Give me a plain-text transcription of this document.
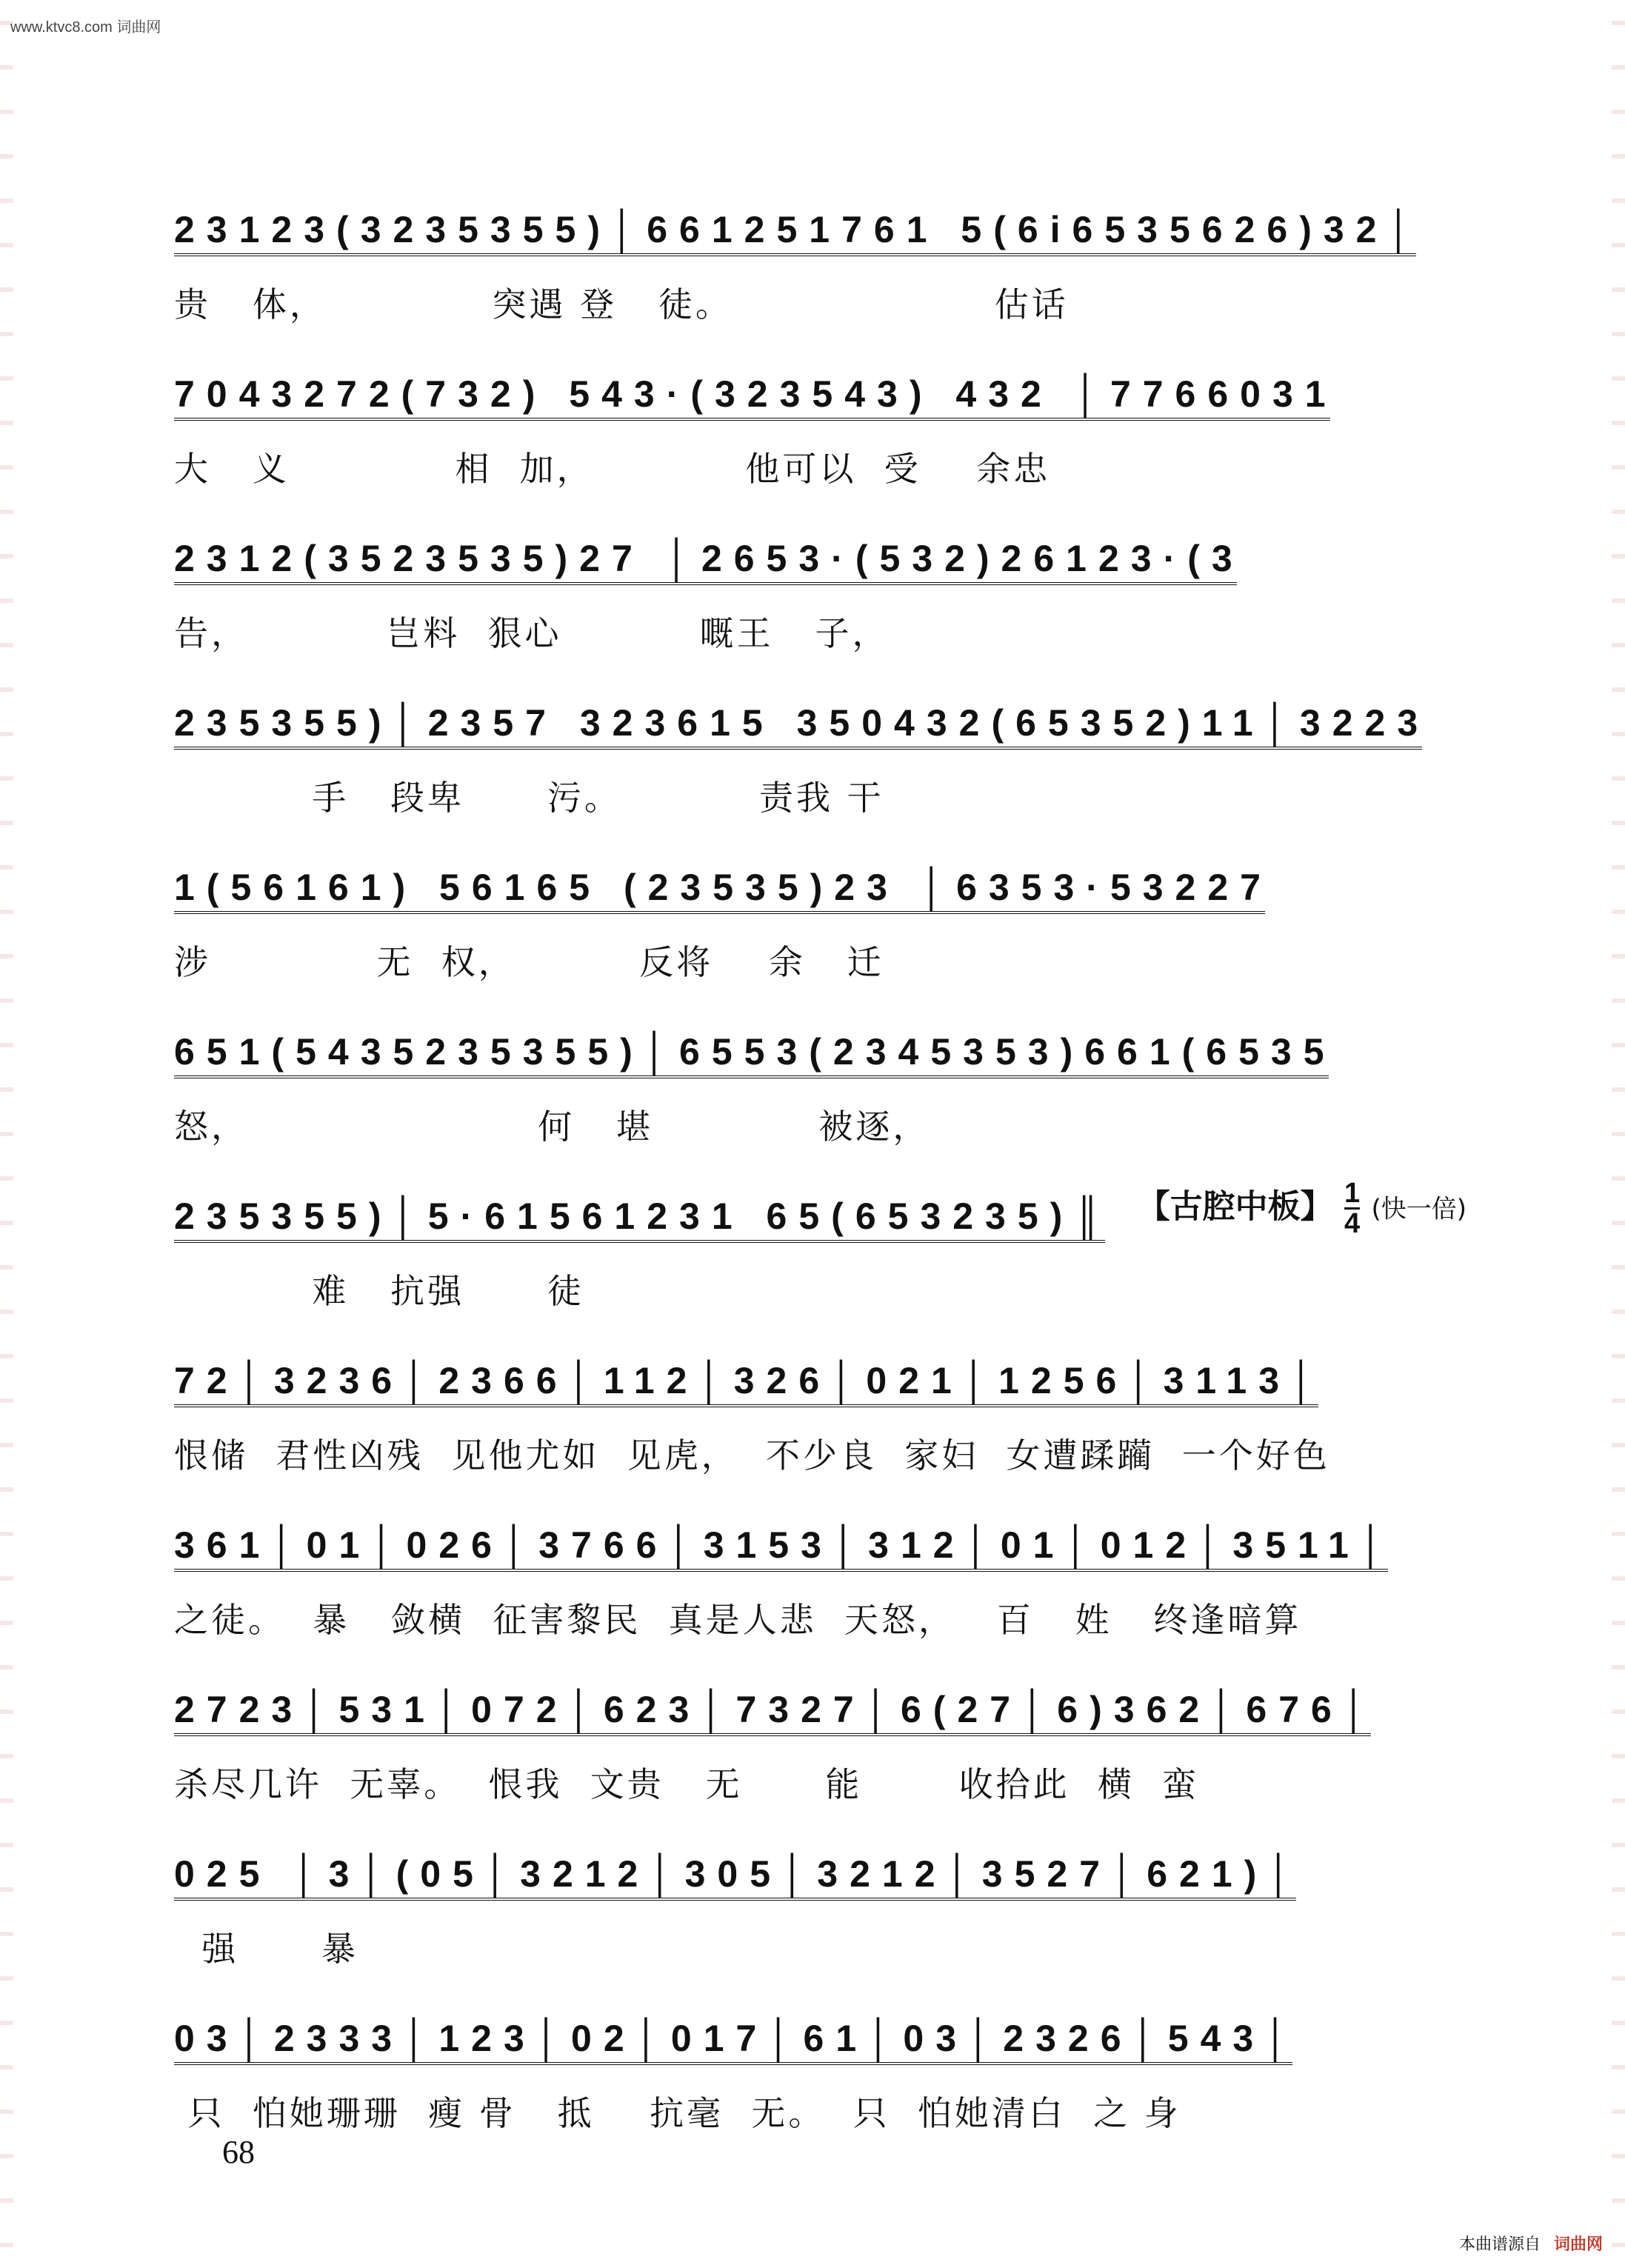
www.ktvc8.com 词曲网
23123(3235355)│661251761 5(6i6535626)32│
贵   体，            突遇 登   徒。                   估话
7043272(732) 543·(323543) 432 │7766031
大   义            相  加，           他可以  受    余忠
2312(3523535)27 │2653·(532)26123·(3
告，          岂料  狠心          嘅王   子，
235355)│2357 323615 350432(65352)11│3223
手   段卑      污。          责我 干
1(56161) 56165 (23535)23 │6353·53227
涉            无  权，         反将    余   迁
651(5435235355)│6553(2345353)661(6535
怒，                     何   堪            被逐，
235355)│5·61561231 65(653235)║ 【古腔中板】 $\frac{1}{4}$ (快一倍)
难   抗强      徒
72│3236│2366│112│326│021│1256│3113│
恨储  君性凶残  见他尤如  见虎，  不少良  家妇  女遭蹂躏  一个好色
361│01│026│3766│3153│312│01│012│3511│
之徒。  暴   敛横  征害黎民  真是人悲  天怒，   百   姓   终逢暗算
2723│531│072│623│7327│6(27│6)362│676│
杀尽几许  无辜。  恨我  文贵   无      能       收拾此  横  蛮
025 │3│(05│3212│305│3212│3527│621)│
强      暴
03│2333│123│02│017│61│03│2326│543│
只  怕她珊珊  瘦 骨   抵    抗毫  无。  只  怕她清白  之 身
68
本曲谱源自 词曲网
